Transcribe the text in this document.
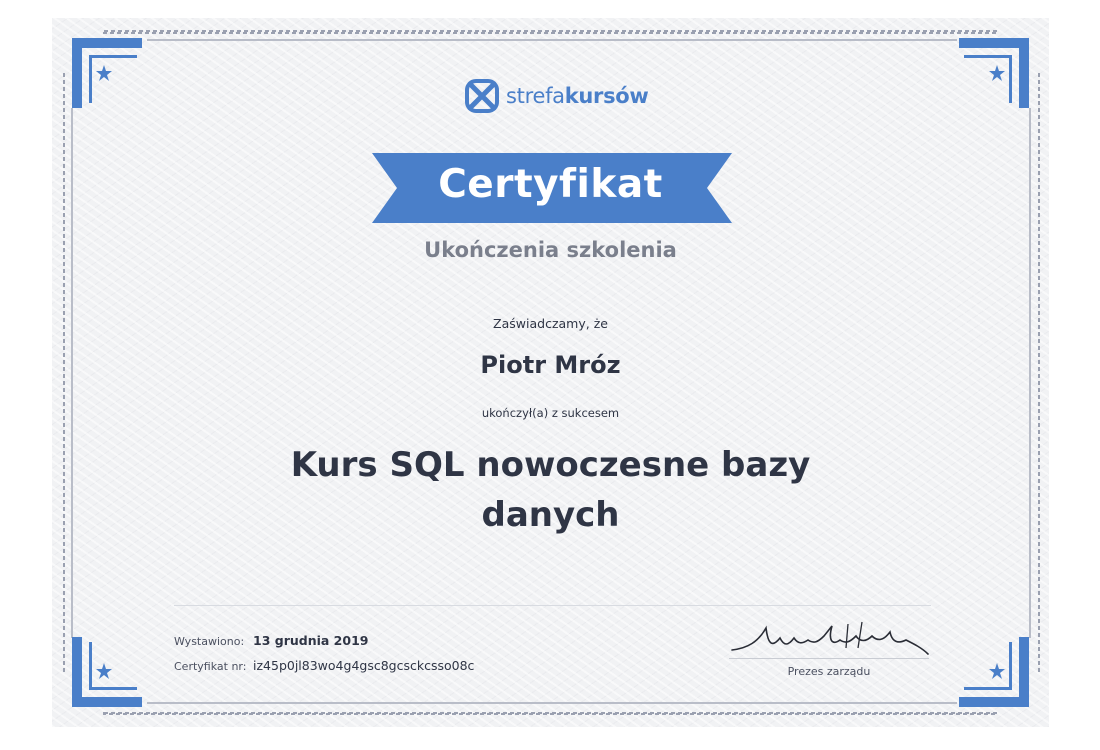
strefakursów
Certyfikat
Ukończenia szkolenia
Zaświadczamy, że
Piotr Mróz
ukończył(a) z sukcesem
Kurs SQL nowoczesne bazy
danych
Wystawiono: 13 grudnia 2019
Certyfikat nr: iz45p0jl83wo4g4gsc8gcsckcsso08c	Prezes zarządu
